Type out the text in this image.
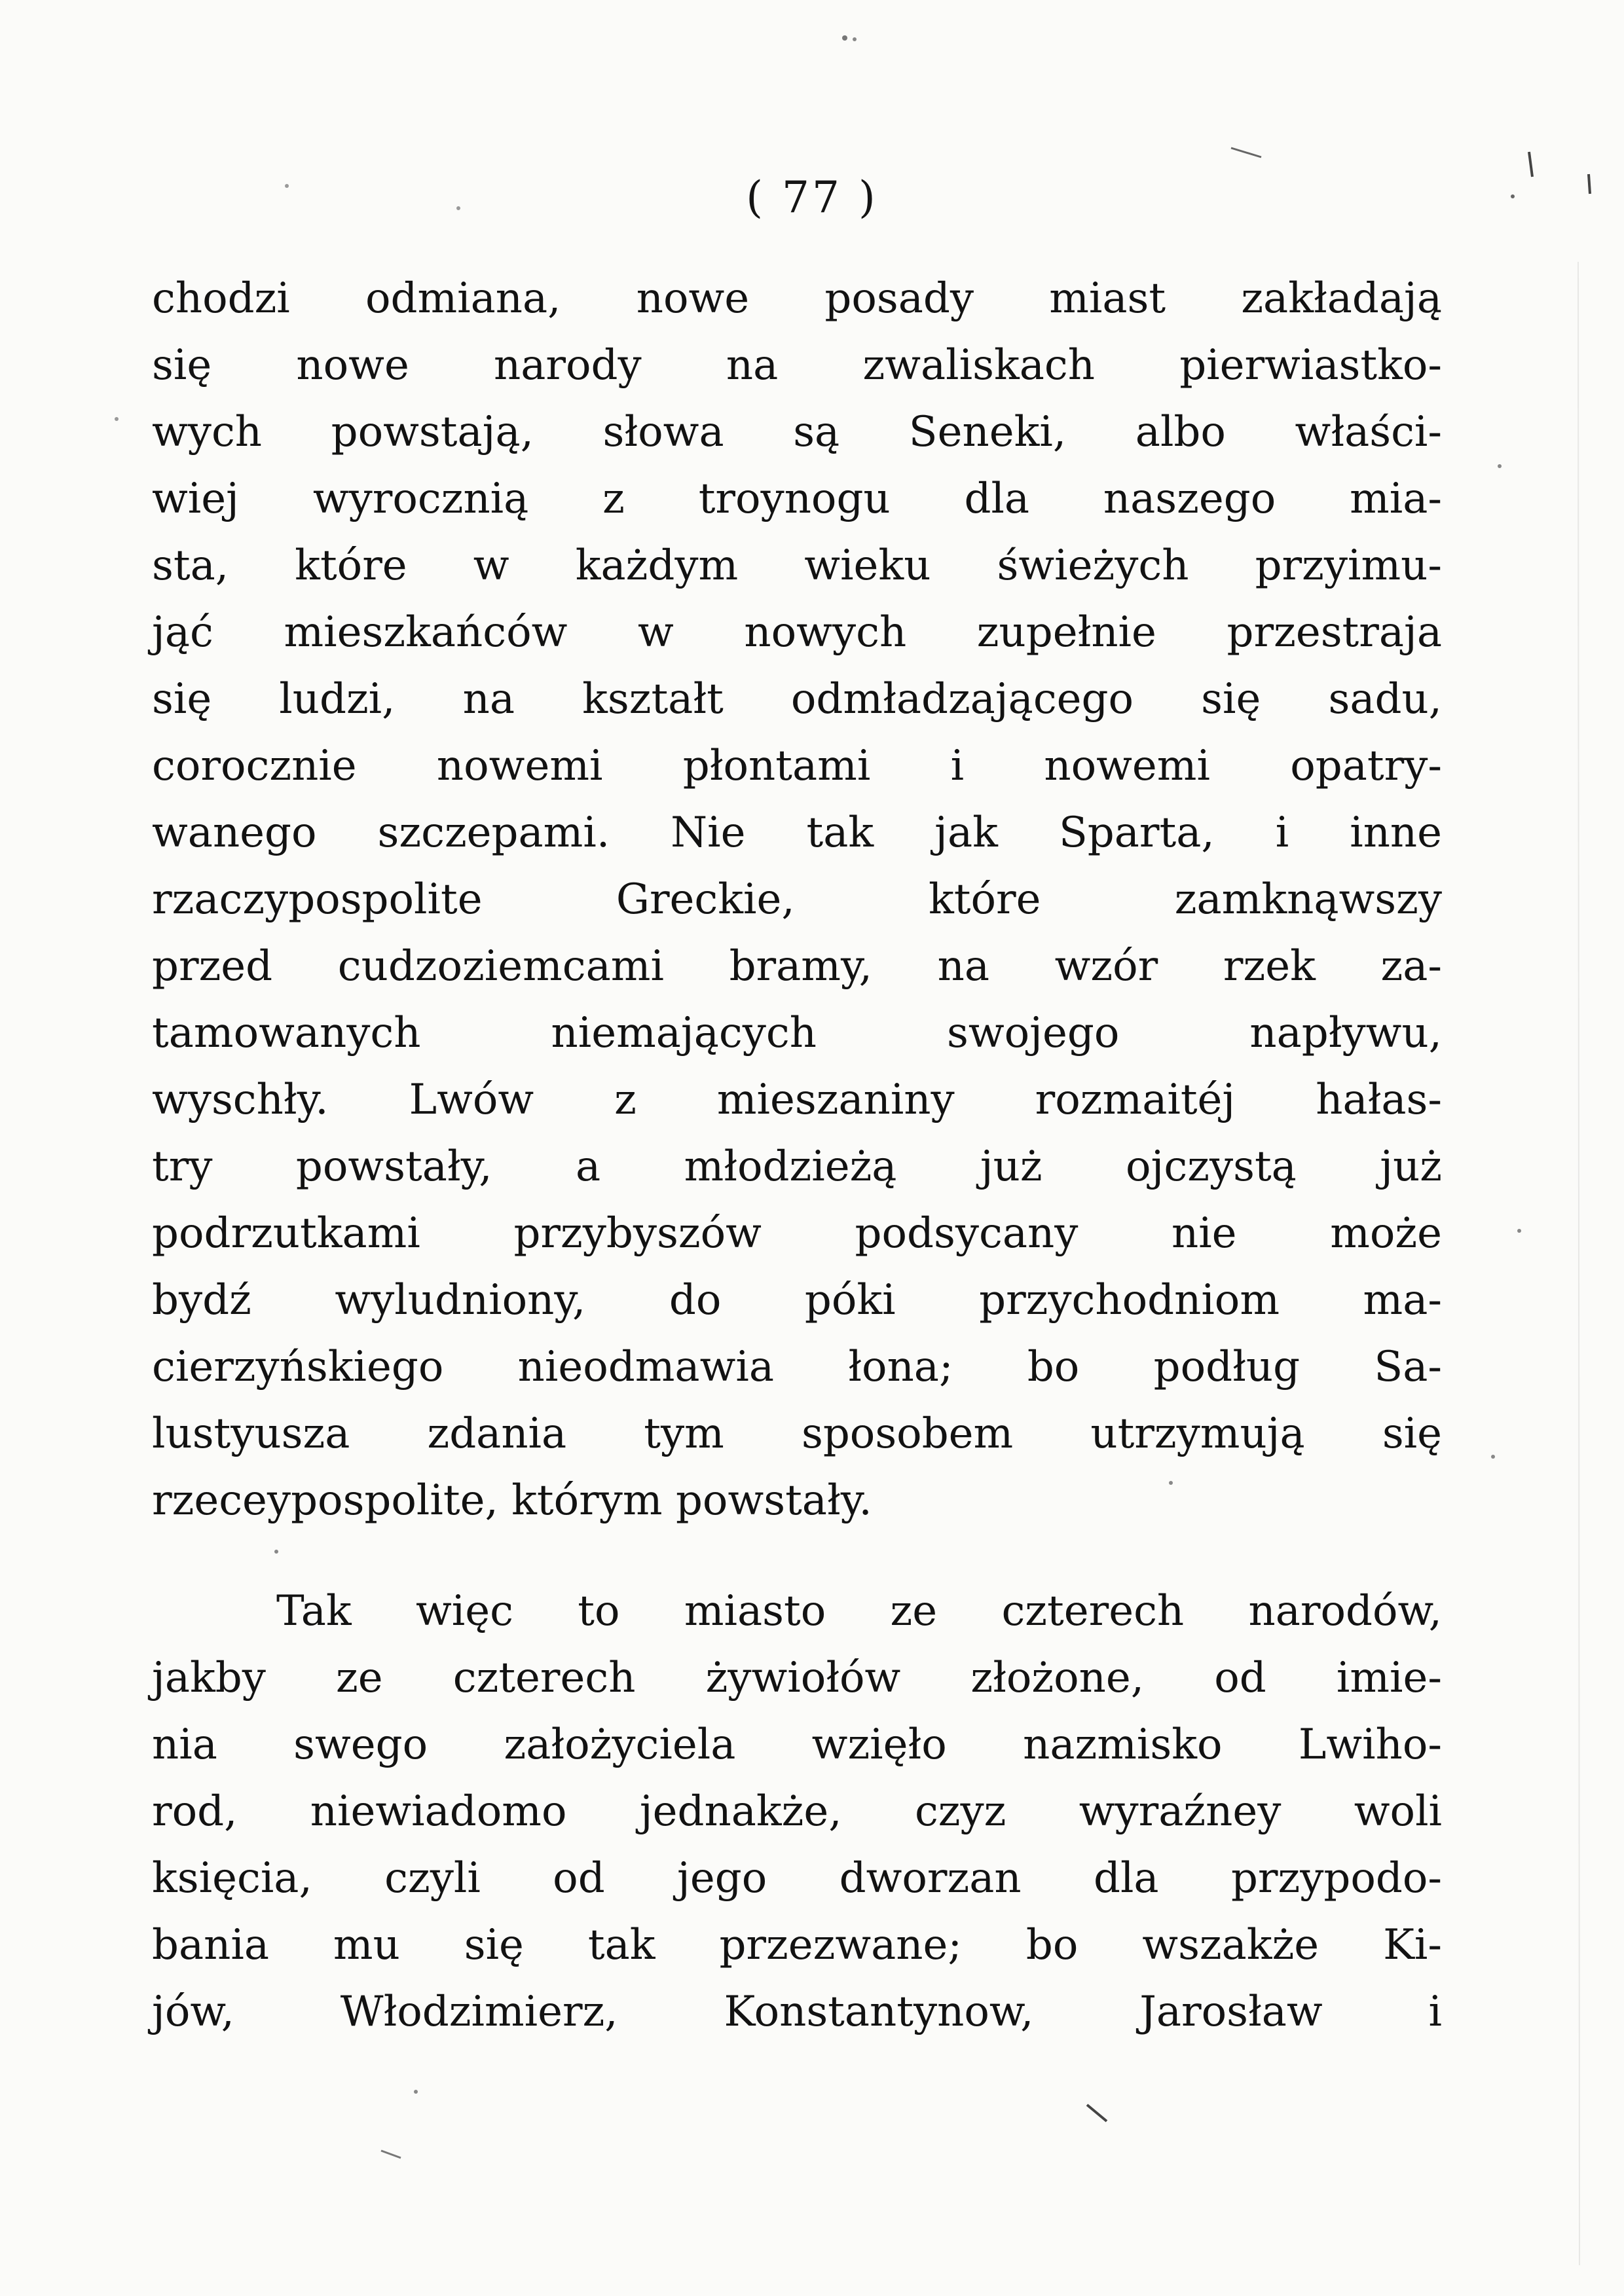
( 77 )
chodzi odmiana, nowe posady miast zakładają
się nowe narody na zwaliskach pierwiastko-
wych powstają, słowa są Seneki, albo właści-
wiej wyrocznią z troynogu dla naszego mia-
sta, które w każdym wieku świeżych przyimu-
jąć mieszkańców w nowych zupełnie przestraja
się ludzi, na kształt odmładzającego się sadu,
corocznie nowemi płontami i nowemi opatry-
wanego szczepami. Nie tak jak Sparta, i inne
rzaczypospolite Greckie, które zamknąwszy
przed cudzoziemcami bramy, na wzór rzek za-
tamowanych niemających swojego napływu,
wyschły. Lwów z mieszaniny rozmaitéj hałas-
try powstały, a młodzieżą już ojczystą już
podrzutkami przybyszów podsycany nie może
bydź wyludniony, do póki przychodniom ma-
cierzyńskiego nieodmawia łona; bo podług Sa-
lustyusza zdania tym sposobem utrzymują się
rzeceypospolite, którym powstały.
Tak więc to miasto ze czterech narodów,
jakby ze czterech żywiołów złożone, od imie-
nia swego założyciela wzięło nazmisko Lwiho-
rod, niewiadomo jednakże, czyz wyraźney woli
księcia, czyli od jego dworzan dla przypodo-
bania mu się tak przezwane; bo wszakże Ki-
jów, Włodzimierz, Konstantynow, Jarosław i
